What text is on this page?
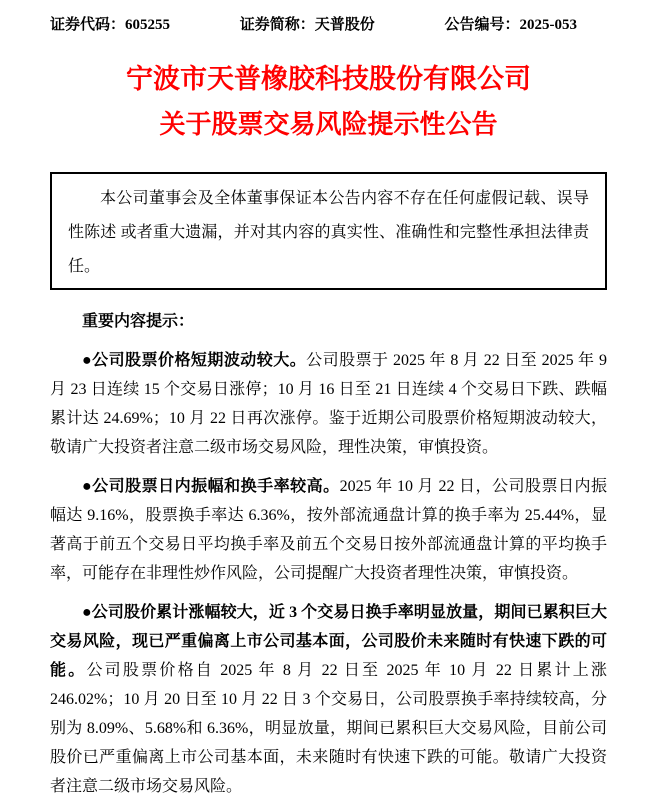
证券代码：605255	证券简称：天普股份	公告编号：2025-053
宁波市天普橡胶科技股份有限公司
关于股票交易风险提示性公告

本公司董事会及全体董事保证本公告内容不存在任何虚假记载、误导性陈述 或者重大遗漏，并对其内容的真实性、准确性和完整性承担法律责任。

重要内容提示：

●公司股票价格短期波动较大。公司股票于 2025 年 8 月 22 日至 2025 年 9 月 23 日连续 15 个交易日涨停；10 月 16 日至 21 日连续 4 个交易日下跌、跌幅累计达 24.69%；10 月 22 日再次涨停。鉴于近期公司股票价格短期波动较大，敬请广大投资者注意二级市场交易风险，理性决策，审慎投资。

●公司股票日内振幅和换手率较高。2025 年 10 月 22 日，公司股票日内振幅达 9.16%，股票换手率达 6.36%，按外部流通盘计算的换手率为 25.44%，显著高于前五个交易日平均换手率及前五个交易日按外部流通盘计算的平均换手率，可能存在非理性炒作风险，公司提醒广大投资者理性决策，审慎投资。

●公司股价累计涨幅较大，近 3 个交易日换手率明显放量，期间已累积巨大交易风险，现已严重偏离上市公司基本面，公司股价未来随时有快速下跌的可能。公司股票价格自 2025 年 8 月 22 日至 2025 年 10 月 22 日累计上涨 246.02%；10 月 20 日至 10 月 22 日 3 个交易日，公司股票换手率持续较高，分别为 8.09%、5.68%和 6.36%，明显放量，期间已累积巨大交易风险，目前公司股价已严重偏离上市公司基本面，未来随时有快速下跌的可能。敬请广大投资者注意二级市场交易风险。
